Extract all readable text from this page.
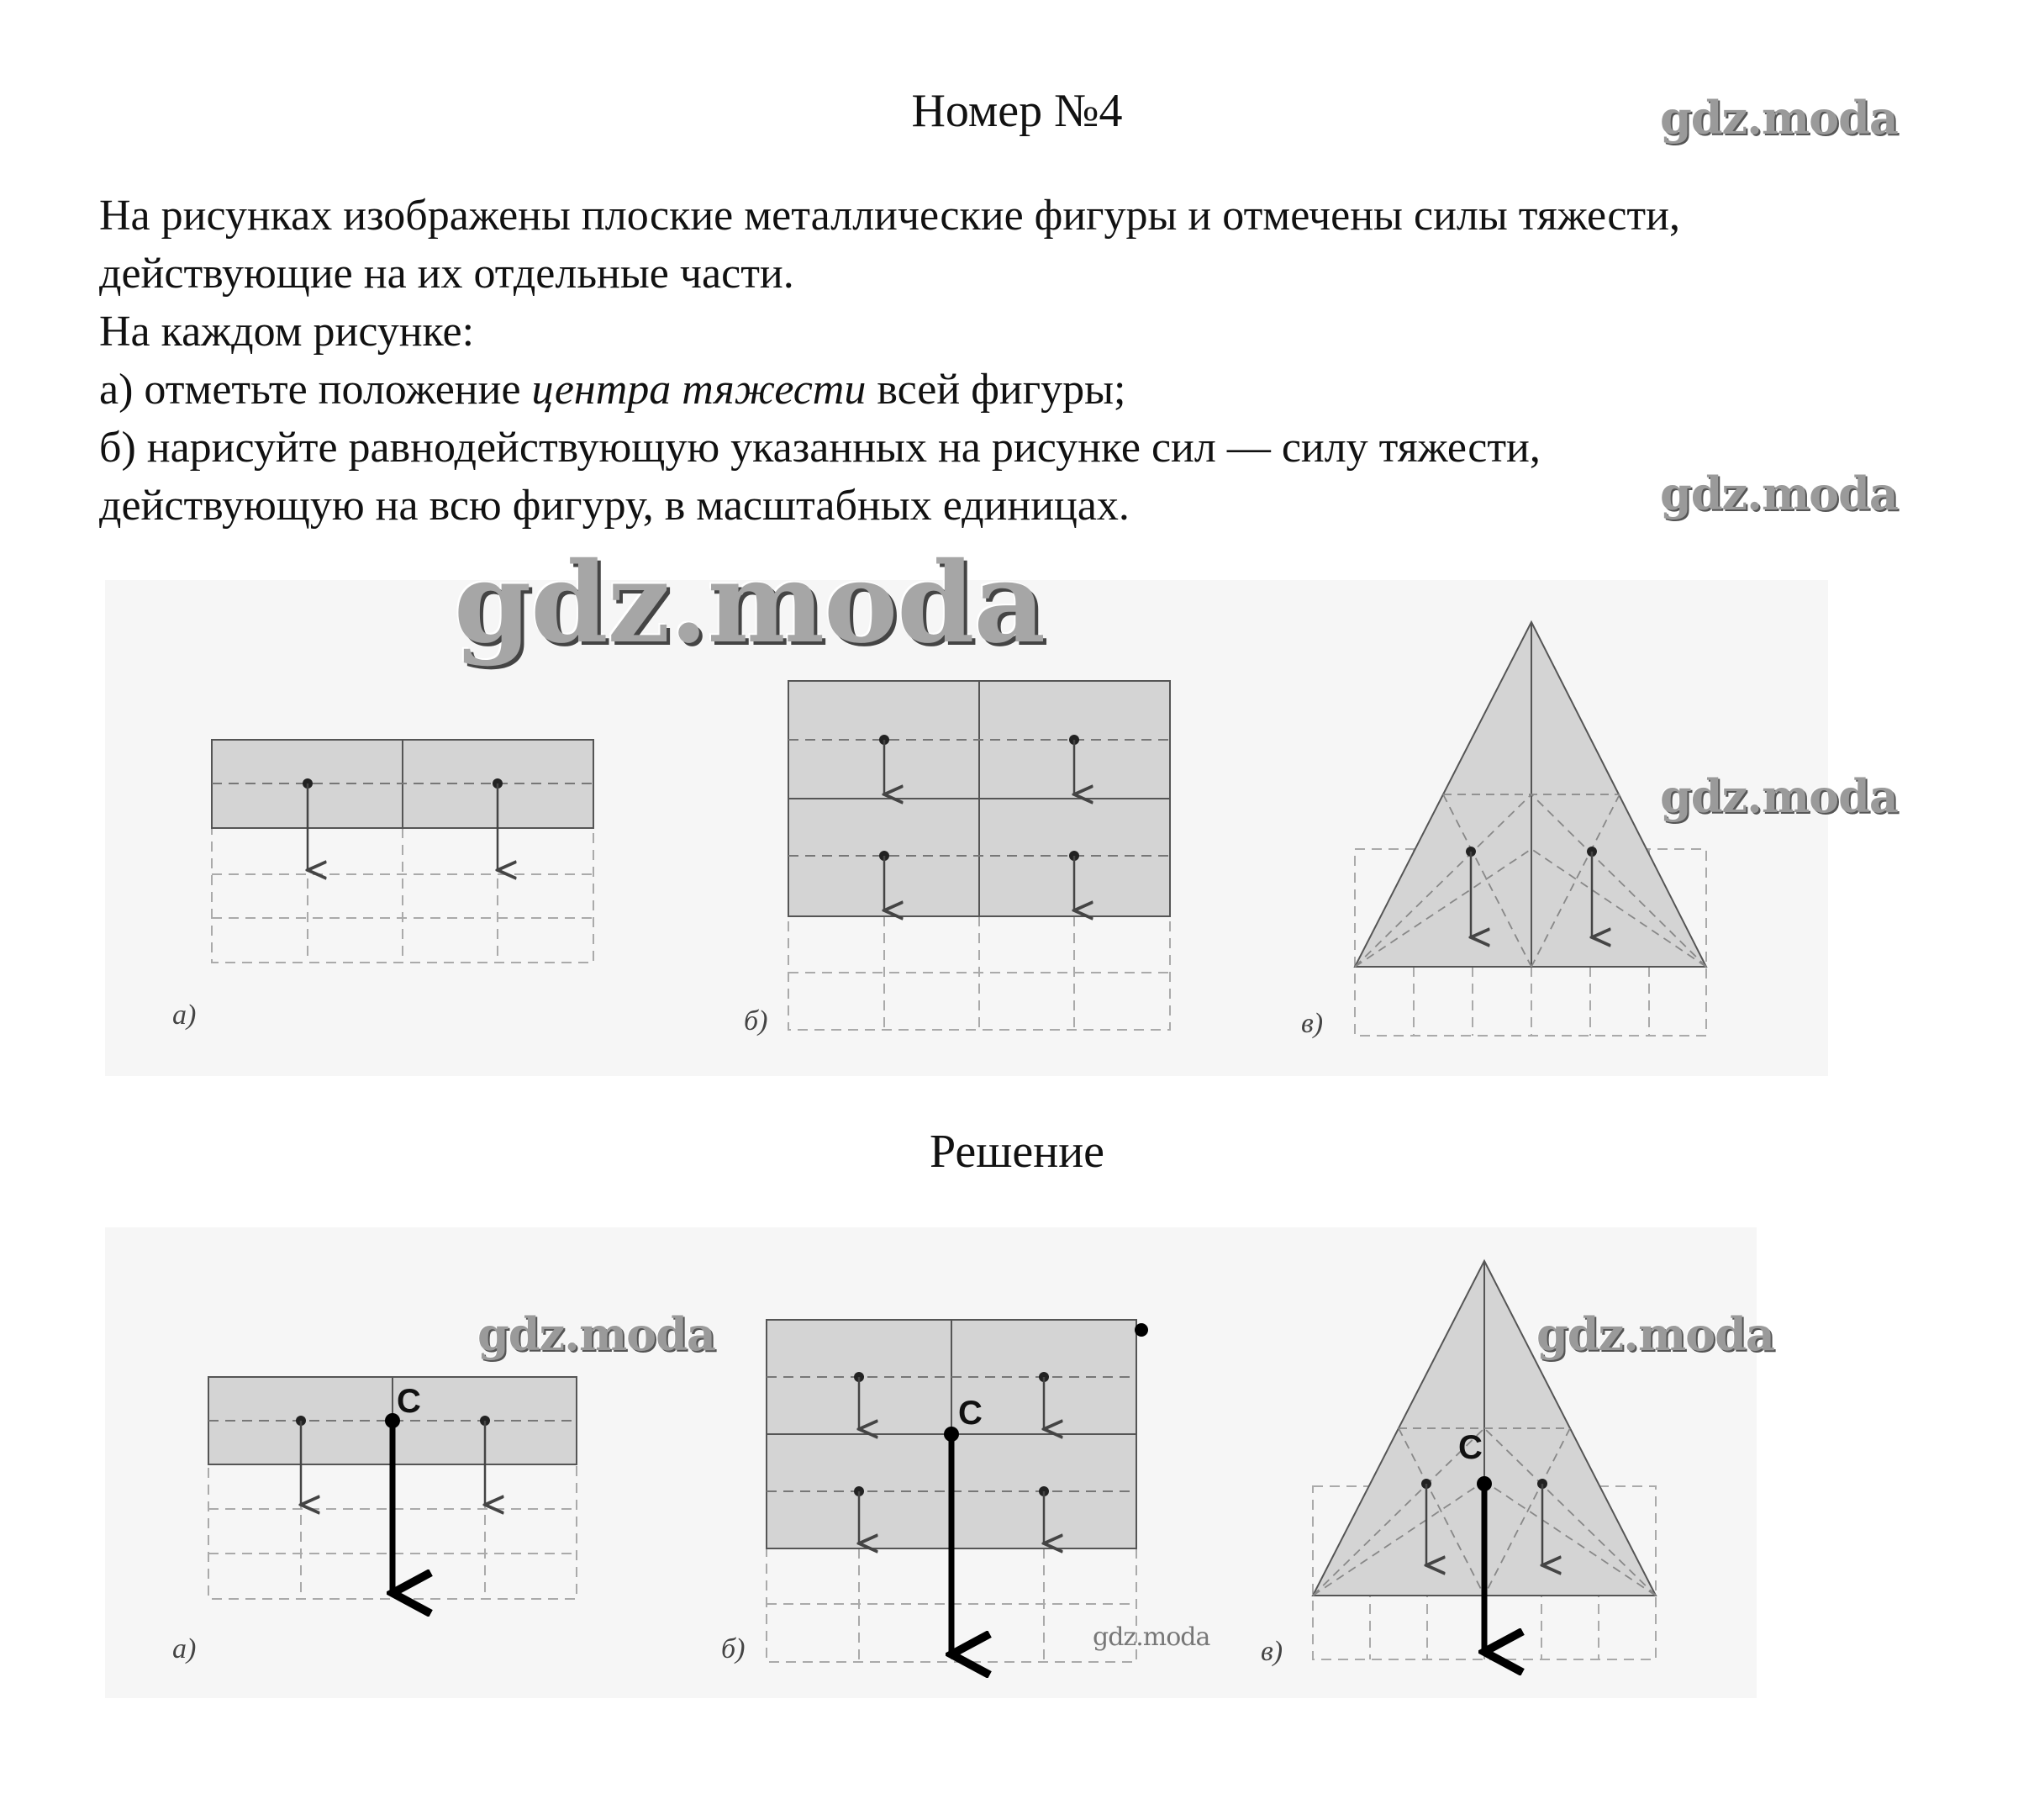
Номер №4	gdz.moda

На рисунках изображены плоские металлические фигуры и отмечены силы тяжести,

действующие на их отдельные части.

На каждом рисунке:

а) отметьте положение центра тяжести всей фигуры;

б) нарисуйте равнодействующую указанных на рисунке сил — силу тяжести,

действующую на всю фигуру, в масштабных единицах.	gdz.moda
а)	б)	в)
C
а)
C
б)
C
в)
gdz.moda
gdz.moda
Решение
gdz.moda	gdz.moda
gdz.moda
